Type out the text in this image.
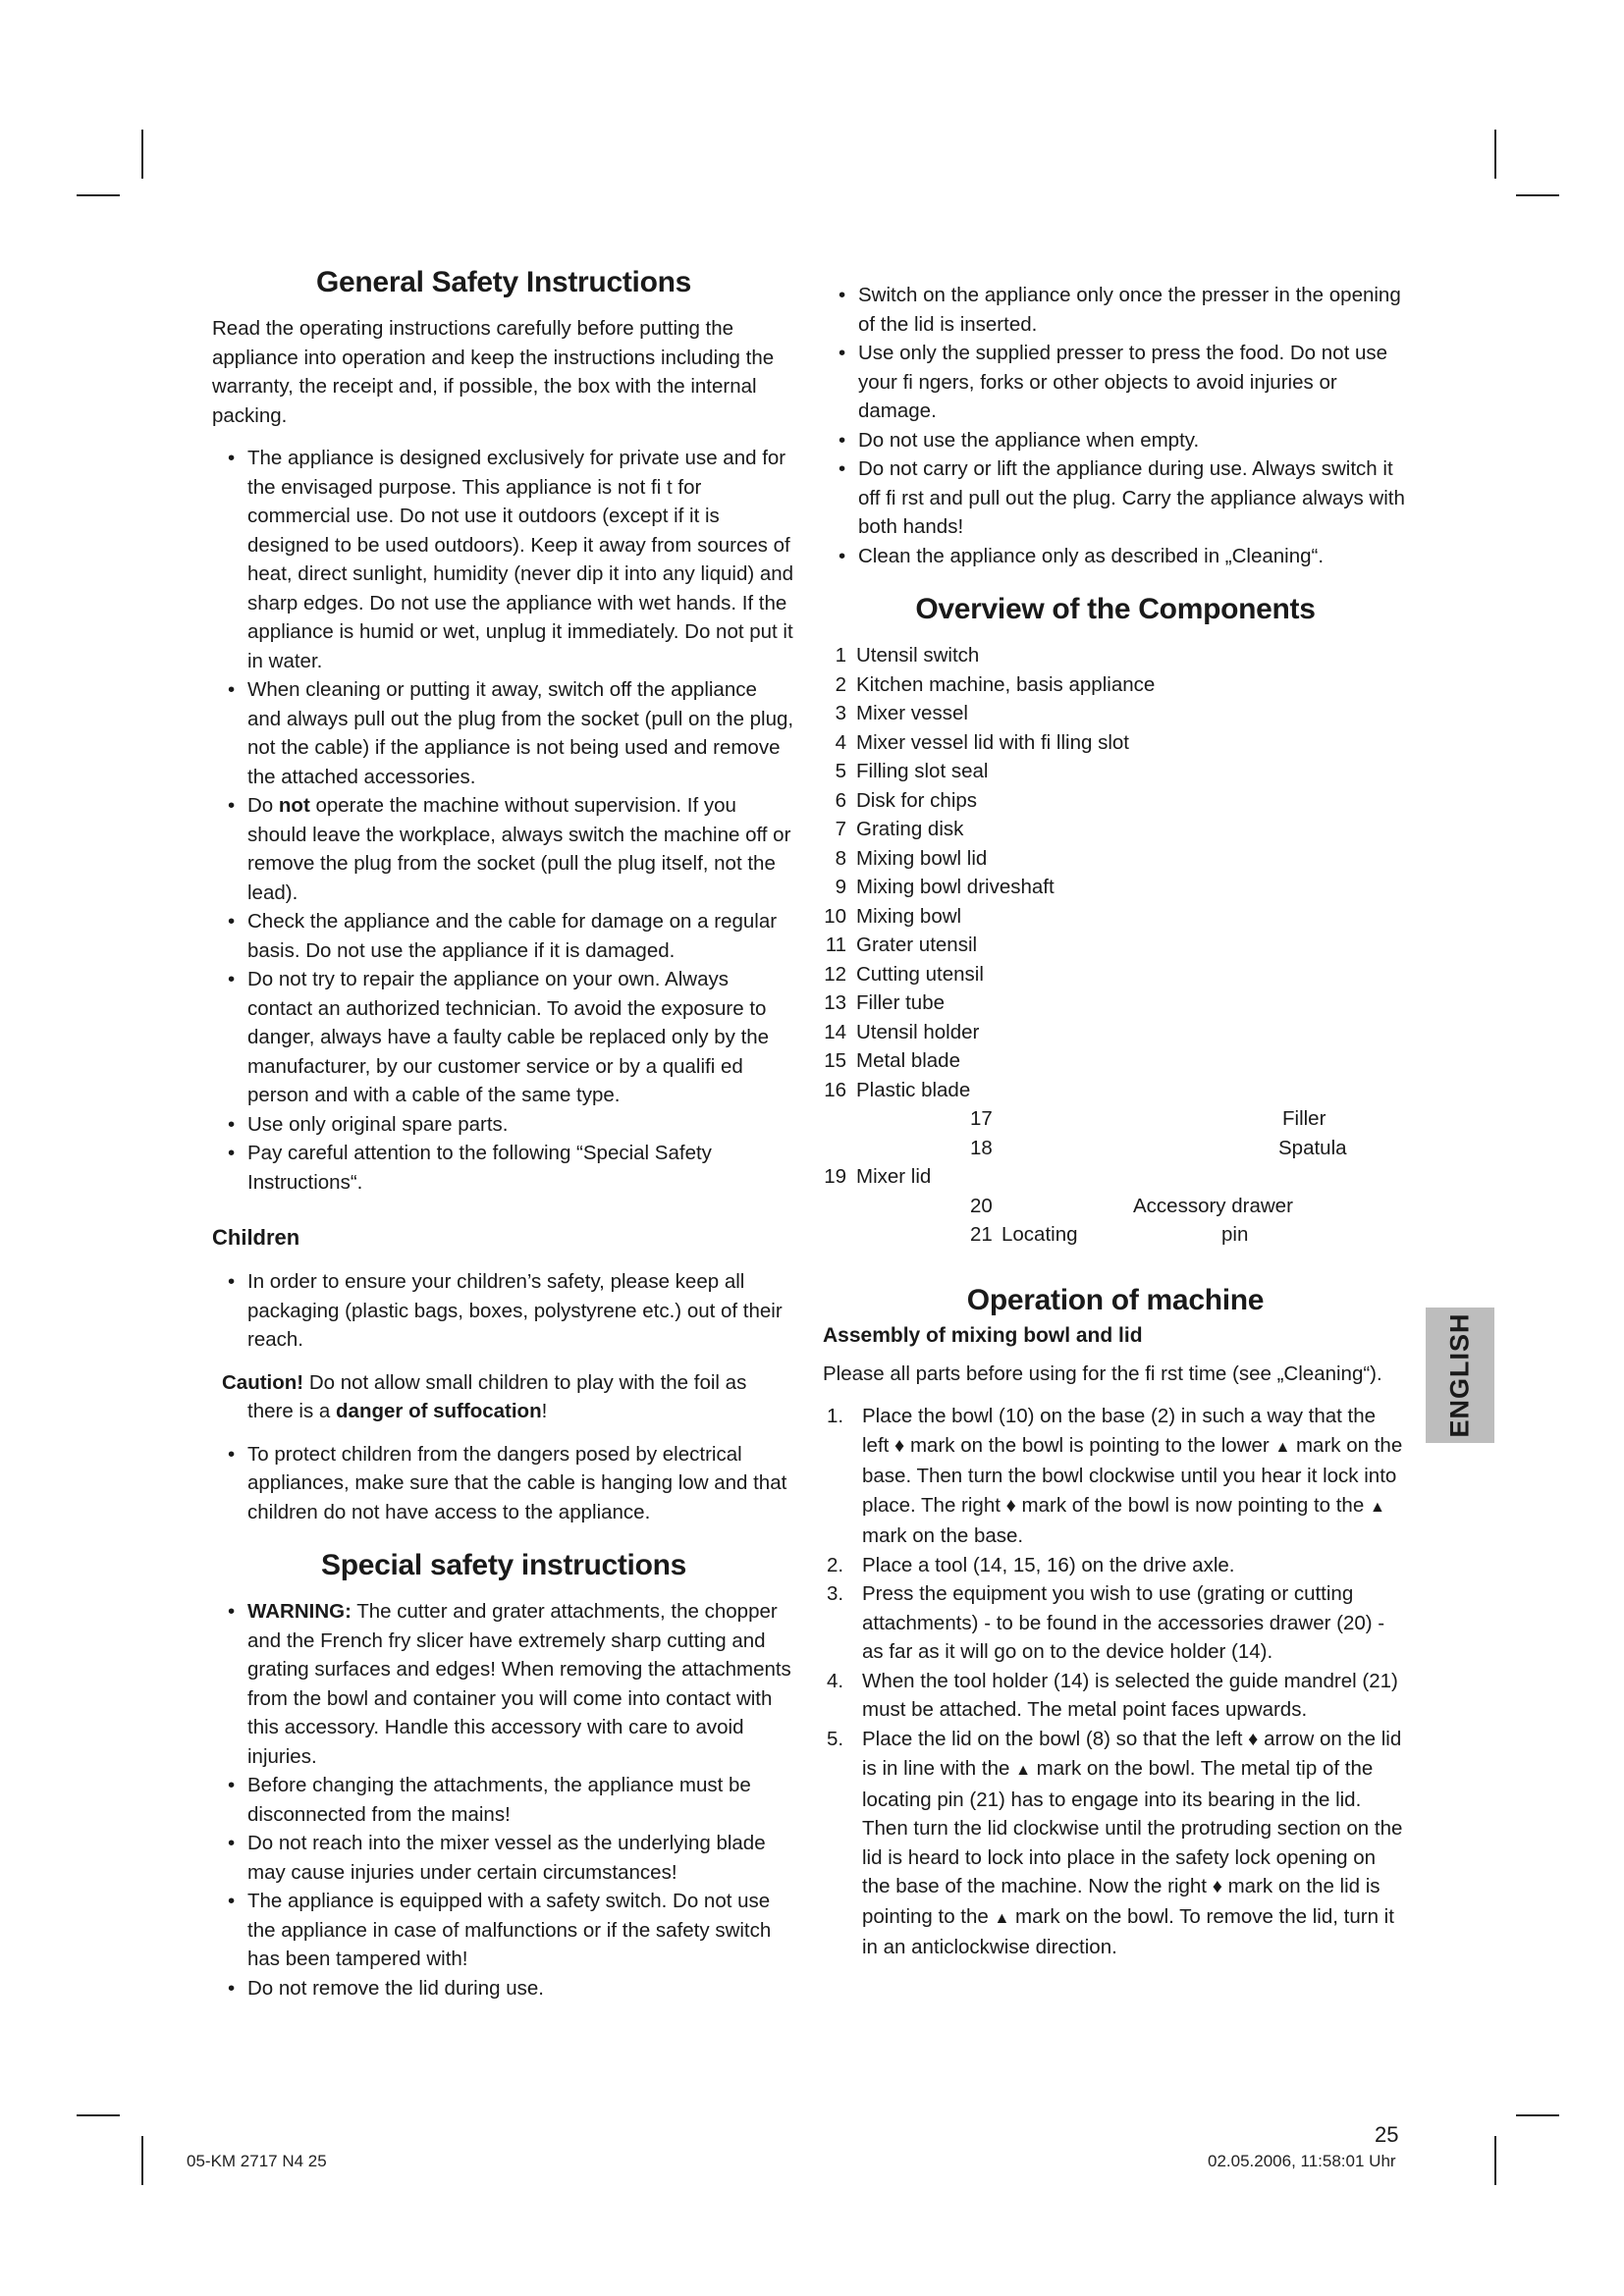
General Safety Instructions

Read the operating instructions carefully before putting the appliance into operation and keep the instructions including the warranty, the receipt and, if possible, the box with the internal packing.

• The appliance is designed exclusively for private use and for the envisaged purpose. This appliance is not fi t for commercial use. Do not use it outdoors (except if it is designed to be used outdoors). Keep it away from sources of heat, direct sunlight, humidity (never dip it into any liquid) and sharp edges. Do not use the appliance with wet hands. If the appliance is humid or wet, unplug it immediately. Do not put it in water.
• When cleaning or putting it away, switch off the appliance and always pull out the plug from the socket (pull on the plug, not the cable) if the appliance is not being used and remove the attached accessories.
• Do not operate the machine without supervision. If you should leave the workplace, always switch the machine off or remove the plug from the socket (pull the plug itself, not the lead).
• Check the appliance and the cable for damage on a regular basis. Do not use the appliance if it is damaged.
• Do not try to repair the appliance on your own. Always contact an authorized technician. To avoid the exposure to danger, always have a faulty cable be replaced only by the manufacturer, by our customer service or by a qualifi ed person and with a cable of the same type.
• Use only original spare parts.
• Pay careful attention to the following “Special Safety Instructions“.
Children
• In order to ensure your children’s safety, please keep all packaging (plastic bags, boxes, polystyrene etc.) out of their reach.

Caution! Do not allow small children to play with the foil as there is a danger of suffocation!

• To protect children from the dangers posed by electrical appliances, make sure that the cable is hanging low and that children do not have access to the appliance.
Special safety instructions
• WARNING: The cutter and grater attachments, the chopper and the French fry slicer have extremely sharp cutting and grating surfaces and edges! When removing the attachments from the bowl and container you will come into contact with this accessory. Handle this accessory with care to avoid injuries.
• Before changing the attachments, the appliance must be disconnected from the mains!
• Do not reach into the mixer vessel as the underlying blade may cause injuries under certain circumstances!
• The appliance is equipped with a safety switch. Do not use the appliance in case of malfunctions or if the safety switch has been tampered with!
• Do not remove the lid during use.
• Switch on the appliance only once the presser in the opening of the lid is inserted.
• Use only the supplied presser to press the food. Do not use your fi ngers, forks or other objects to avoid injuries or damage.
• Do not use the appliance when empty.
• Do not carry or lift the appliance during use. Always switch it off fi rst and pull out the plug. Carry the appliance always with both hands!
• Clean the appliance only as described in „Cleaning“.
Overview of the Components
1 Utensil switch
2 Kitchen machine, basis appliance
3 Mixer vessel
4 Mixer vessel lid with fi lling slot
5 Filling slot seal
6 Disk for chips
7 Grating disk
8 Mixing bowl lid
9 Mixing bowl driveshaft
10 Mixing bowl
11 Grater utensil
12 Cutting utensil
13 Filler tube
14 Utensil holder
15 Metal blade
16 Plastic blade
17	Filler
18	Spatula
19 Mixer lid
20	Accessory drawer
21 Locating	pin
Operation of machine
Assembly of mixing bowl and lid

Please all parts before using for the fi rst time (see „Cleaning“).

1. Place the bowl (10) on the base (2) in such a way that the left ♦ mark on the bowl is pointing to the lower ▲ mark on the base. Then turn the bowl clockwise until you hear it lock into place. The right ♦ mark of the bowl is now pointing to the ▲ mark on the base.
2. Place a tool (14, 15, 16) on the drive axle.
3. Press the equipment you wish to use (grating or cutting attachments) - to be found in the accessories drawer (20) - as far as it will go on to the device holder (14).
4. When the tool holder (14) is selected the guide mandrel (21) must be attached. The metal point faces upwards.
5. Place the lid on the bowl (8) so that the left ♦ arrow on the lid is in line with the ▲ mark on the bowl. The metal tip of the locating pin (21) has to engage into its bearing in the lid. Then turn the lid clockwise until the protruding section on the lid is heard to lock into place in the safety lock opening on the base of the machine. Now the right ♦ mark on the lid is pointing to the ▲ mark on the bowl. To remove the lid, turn it in an anticlockwise direction.
ENGLISH
25
05-KM 2717 N4 25	02.05.2006, 11:58:01 Uhr
